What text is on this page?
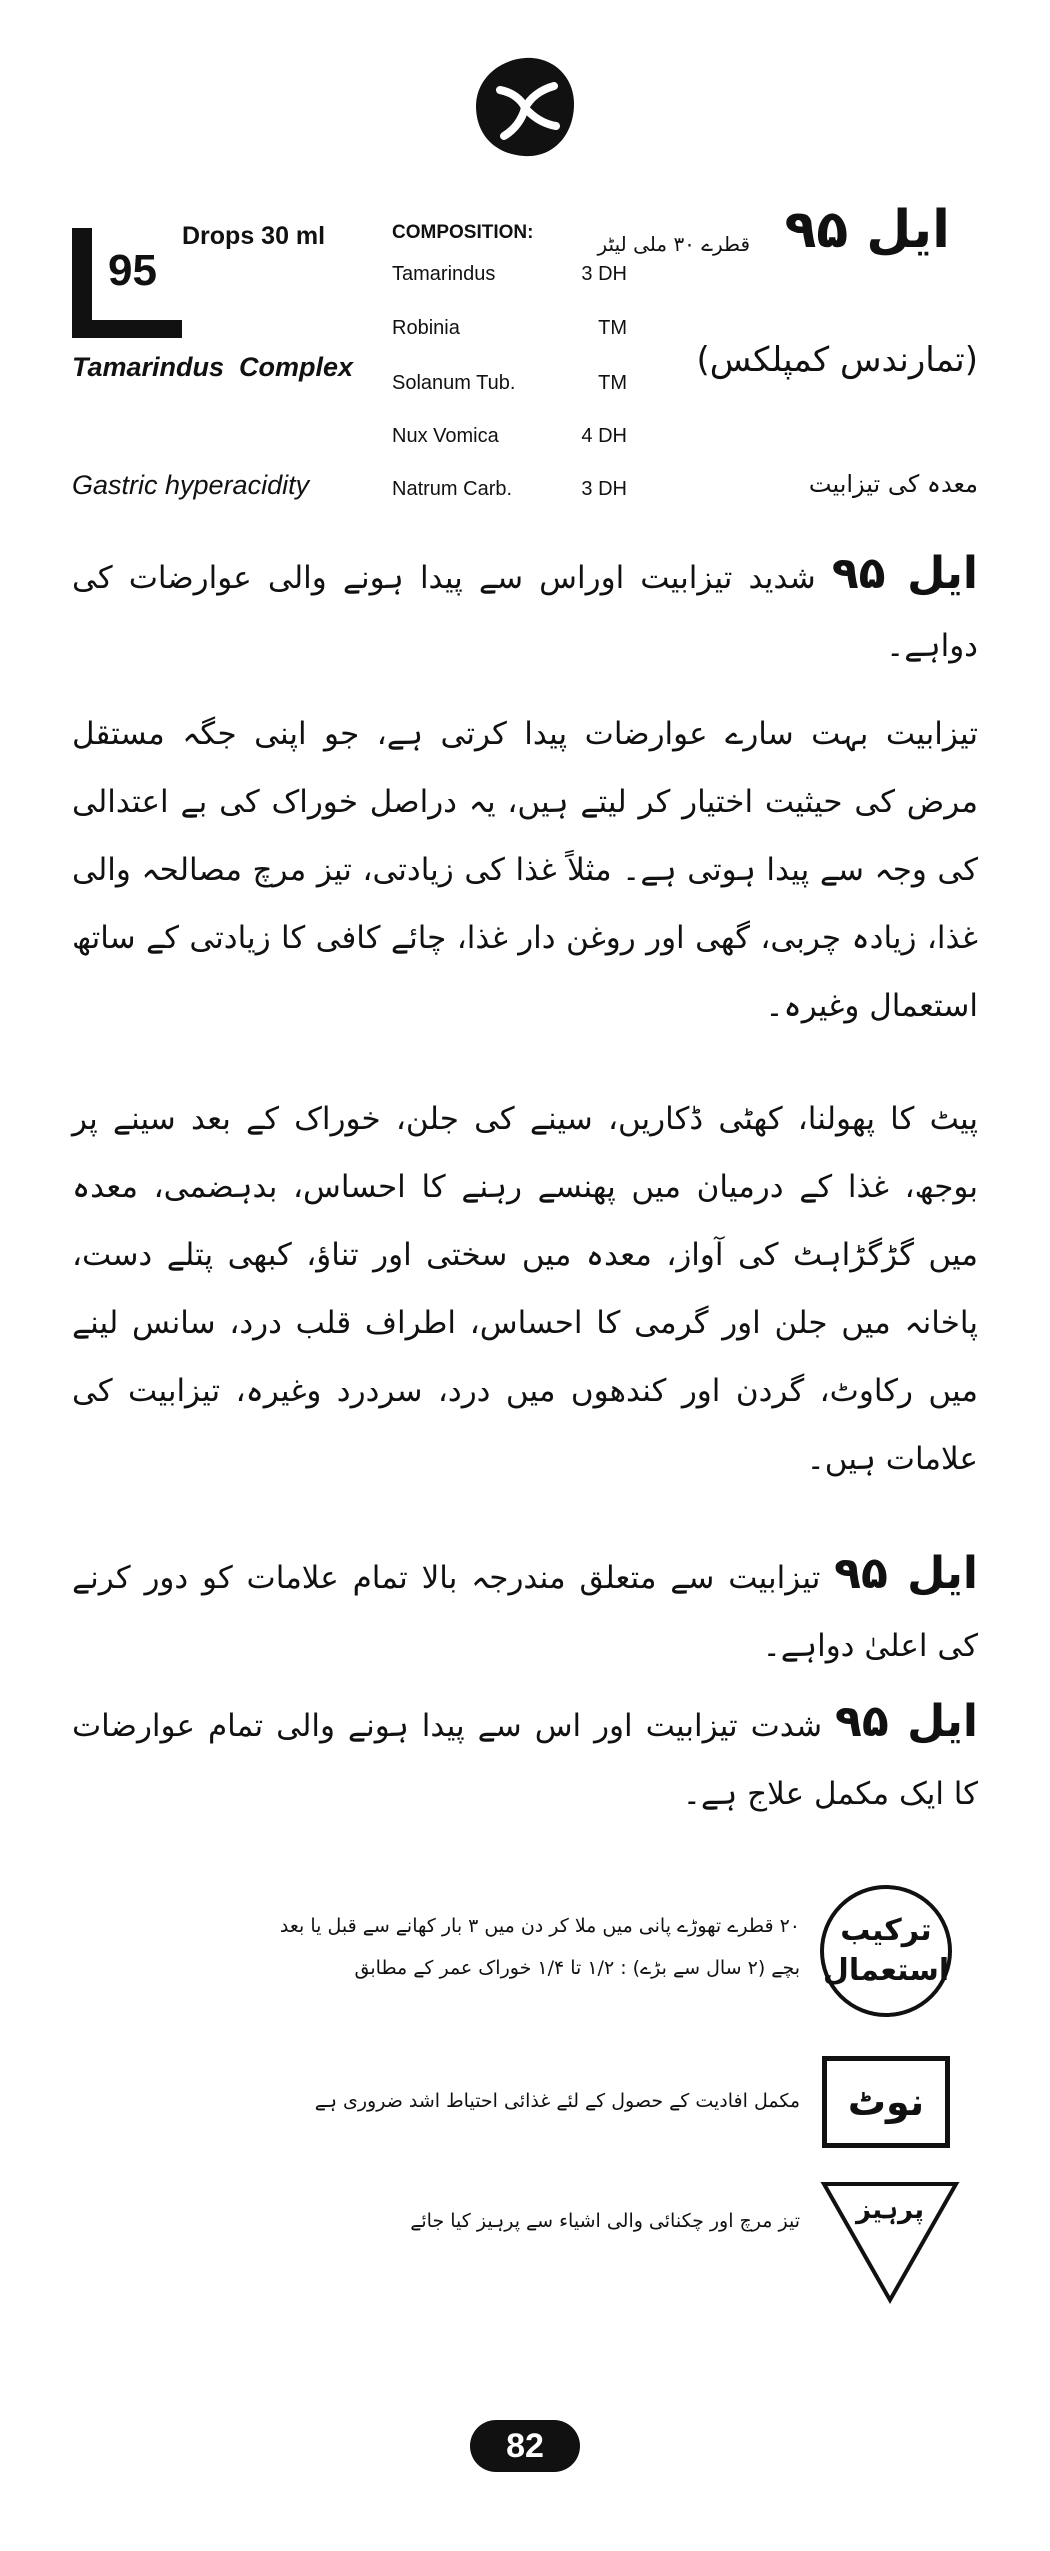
95
Drops 30 ml
Tamarindus  Complex
Gastric hyperacidity
COMPOSITION:
Tamarindus	3 DH
Robinia	TM
Solanum Tub.	TM
Nux Vomica	4 DH
Natrum Carb.	3 DH
ایل ۹۵
قطرے ۳۰ ملی لیٹر
(تمارندس کمپلکس)
معدہ کی تیزابیت
ایل ۹۵ شدید تیزابیت اوراس سے پیدا ہونے والی عوارضات کی دواہے۔
تیزابیت بہت سارے عوارضات پیدا کرتی ہے، جو اپنی جگہ مستقل مرض کی حیثیت اختیار کر لیتے ہیں، یہ دراصل خوراک کی بے اعتدالی کی وجہ سے پیدا ہوتی ہے۔ مثلاً غذا کی زیادتی، تیز مرچ مصالحہ والی غذا، زیادہ چربی، گھی اور روغن دار غذا، چائے کافی کا زیادتی کے ساتھ استعمال وغیرہ۔
پیٹ کا پھولنا، کھٹی ڈکاریں، سینے کی جلن، خوراک کے بعد سینے پر بوجھ، غذا کے درمیان میں پھنسے رہنے کا احساس، بدہضمی، معدہ میں گڑگڑاہٹ کی آواز، معدہ میں سختی اور تناؤ، کبھی پتلے دست، پاخانہ میں جلن اور گرمی کا احساس، اطراف قلب درد، سانس لینے میں رکاوٹ، گردن اور کندھوں میں درد، سردرد وغیرہ، تیزابیت کی علامات ہیں۔
ایل ۹۵ تیزابیت سے متعلق مندرجہ بالا تمام علامات کو دور کرنے کی اعلیٰ دواہے۔
ایل ۹۵ شدت تیزابیت اور اس سے پیدا ہونے والی تمام عوارضات کا ایک مکمل علاج ہے۔
ترکیب استعمال
۲۰ قطرے تھوڑے پانی میں ملا کر دن میں ۳ بار کھانے سے قبل یا بعد
بچے (۲ سال سے بڑے) : ۱/۲ تا ۱/۴ خوراک عمر کے مطابق
نوٹ
مکمل افادیت کے حصول کے لئے غذائی احتیاط اشد ضروری ہے
پرہیز
تیز مرچ اور چکنائی والی اشیاء سے پرہیز کیا جائے
82
